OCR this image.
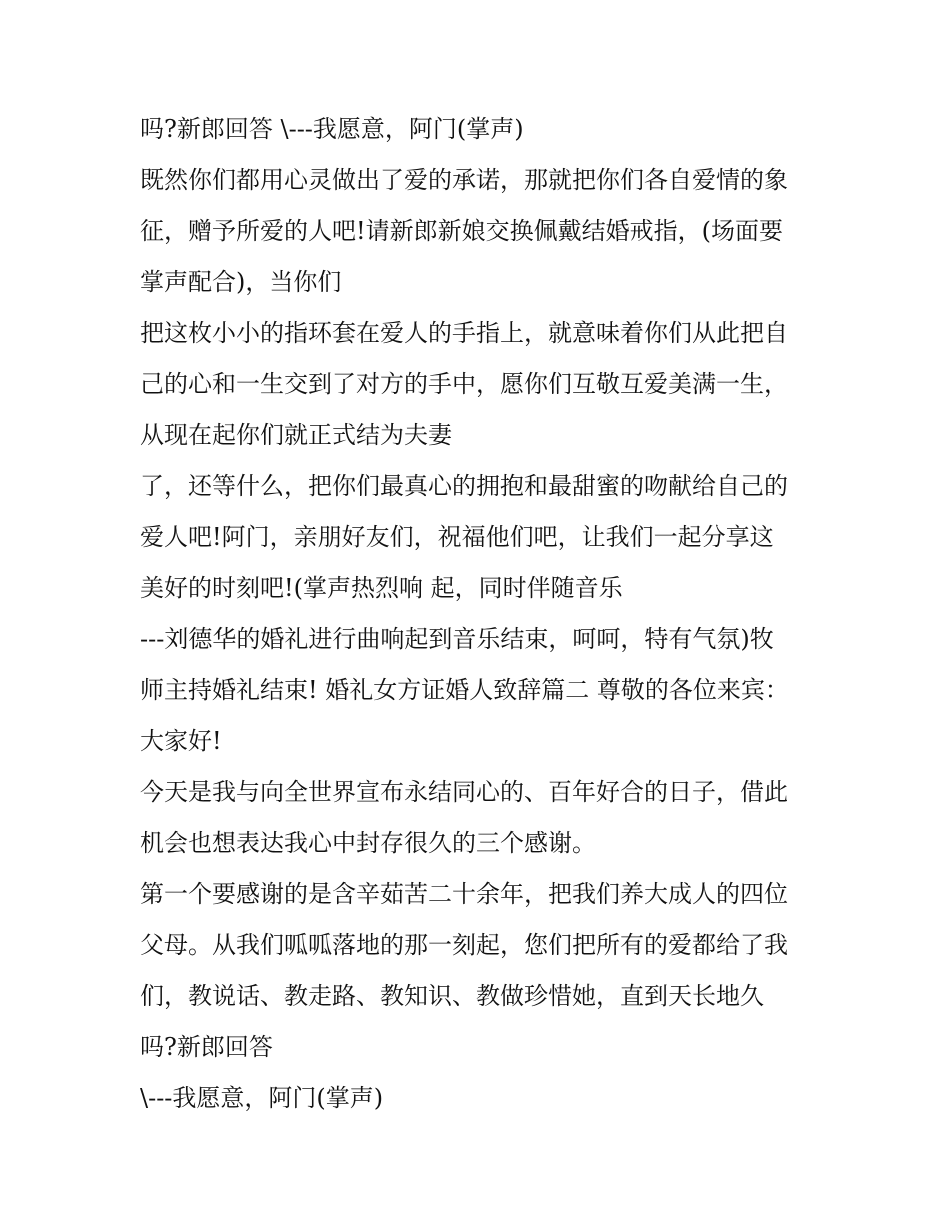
吗?新郎回答 \---我愿意，阿门(掌声)
既然你们都用心灵做出了爱的承诺，那就把你们各自爱情的象
征，赠予所爱的人吧!请新郎新娘交换佩戴结婚戒指，(场面要
掌声配合)，当你们
把这枚小小的指环套在爱人的手指上，就意味着你们从此把自
己的心和一生交到了对方的手中，愿你们互敬互爱美满一生，
从现在起你们就正式结为夫妻
了，还等什么，把你们最真心的拥抱和最甜蜜的吻献给自己的
爱人吧!阿门，亲朋好友们，祝福他们吧，让我们一起分享这
美好的时刻吧!(掌声热烈响 起，同时伴随音乐
---刘德华的婚礼进行曲响起到音乐结束，呵呵，特有气氛)牧
师主持婚礼结束! 婚礼女方证婚人致辞篇二 尊敬的各位来宾：
大家好!
今天是我与向全世界宣布永结同心的、百年好合的日子，借此
机会也想表达我心中封存很久的三个感谢。
第一个要感谢的是含辛茹苦二十余年，把我们养大成人的四位
父母。从我们呱呱落地的那一刻起，您们把所有的爱都给了我
们，教说话、教走路、教知识、教做珍惜她，直到天长地久
吗?新郎回答
\---我愿意，阿门(掌声)
